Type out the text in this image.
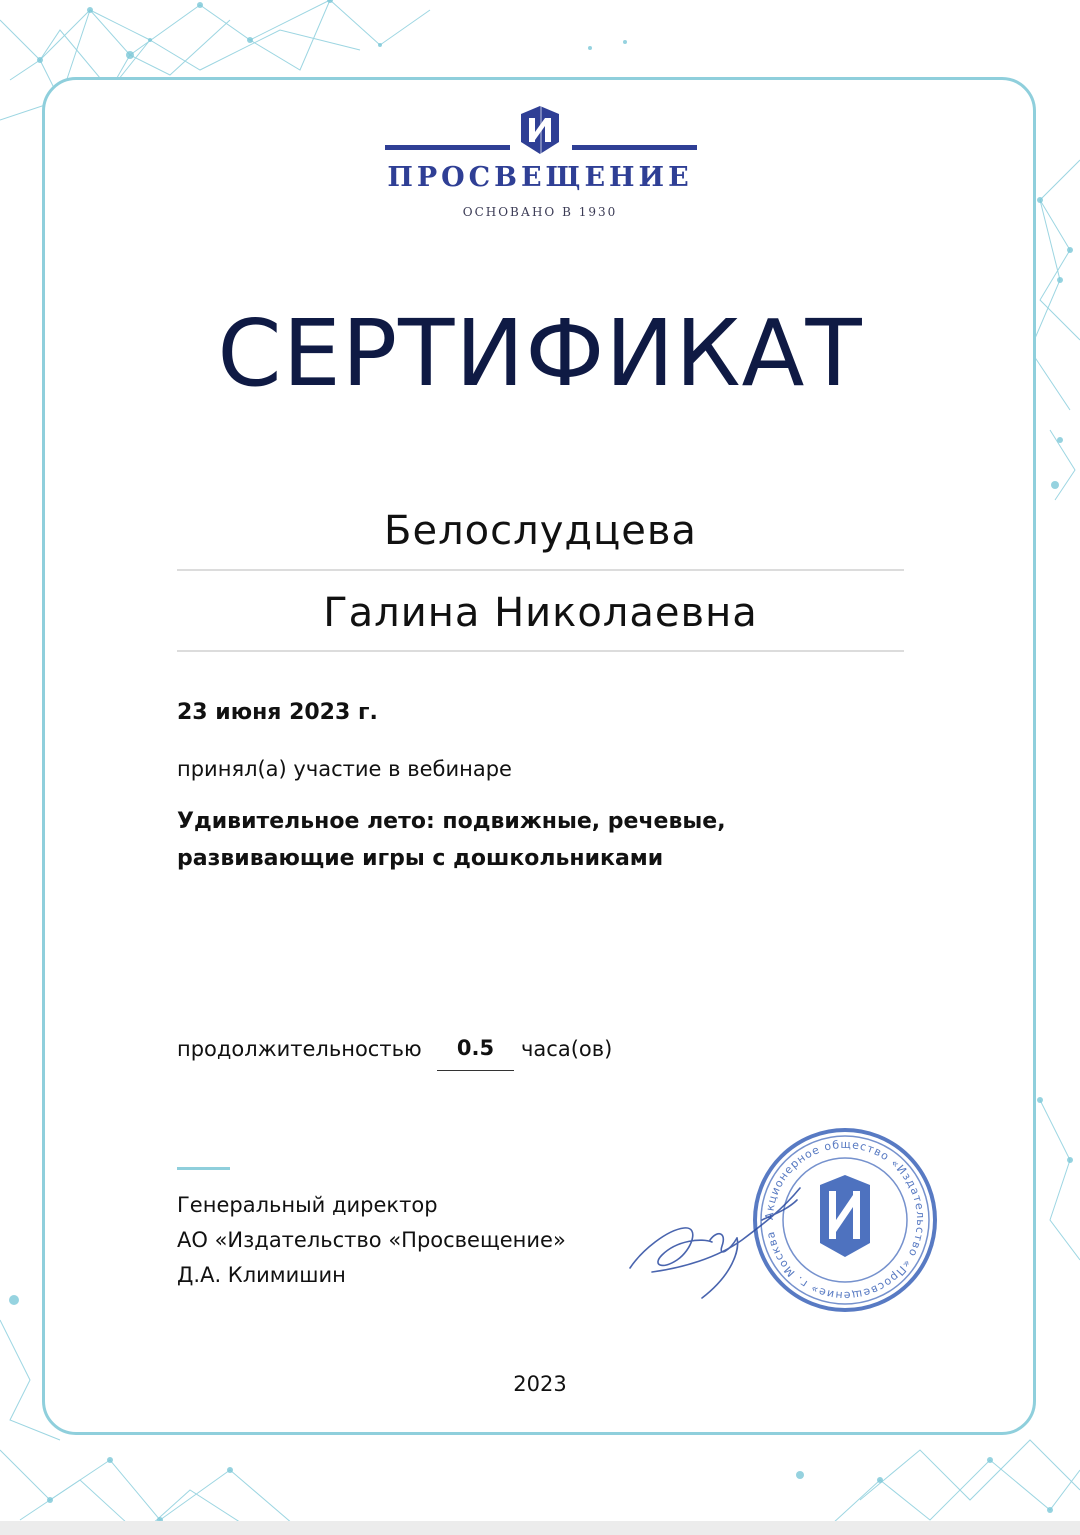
ПРОСВЕЩЕНИЕ
ОСНОВАНО В 1930
СЕРТИФИКАТ
Белослудцева
Галина Николаевна
23 июня 2023 г.
принял(а) участие в вебинаре
Удивительное лето: подвижные, речевые,
развивающие игры с дошкольниками
продолжительностью	0.5	часа(ов)
Генеральный директор
АО «Издательство «Просвещение»
Д.А. Климишин
Акционерное общество «Издательство «Просвещение» г. Москва
2023
